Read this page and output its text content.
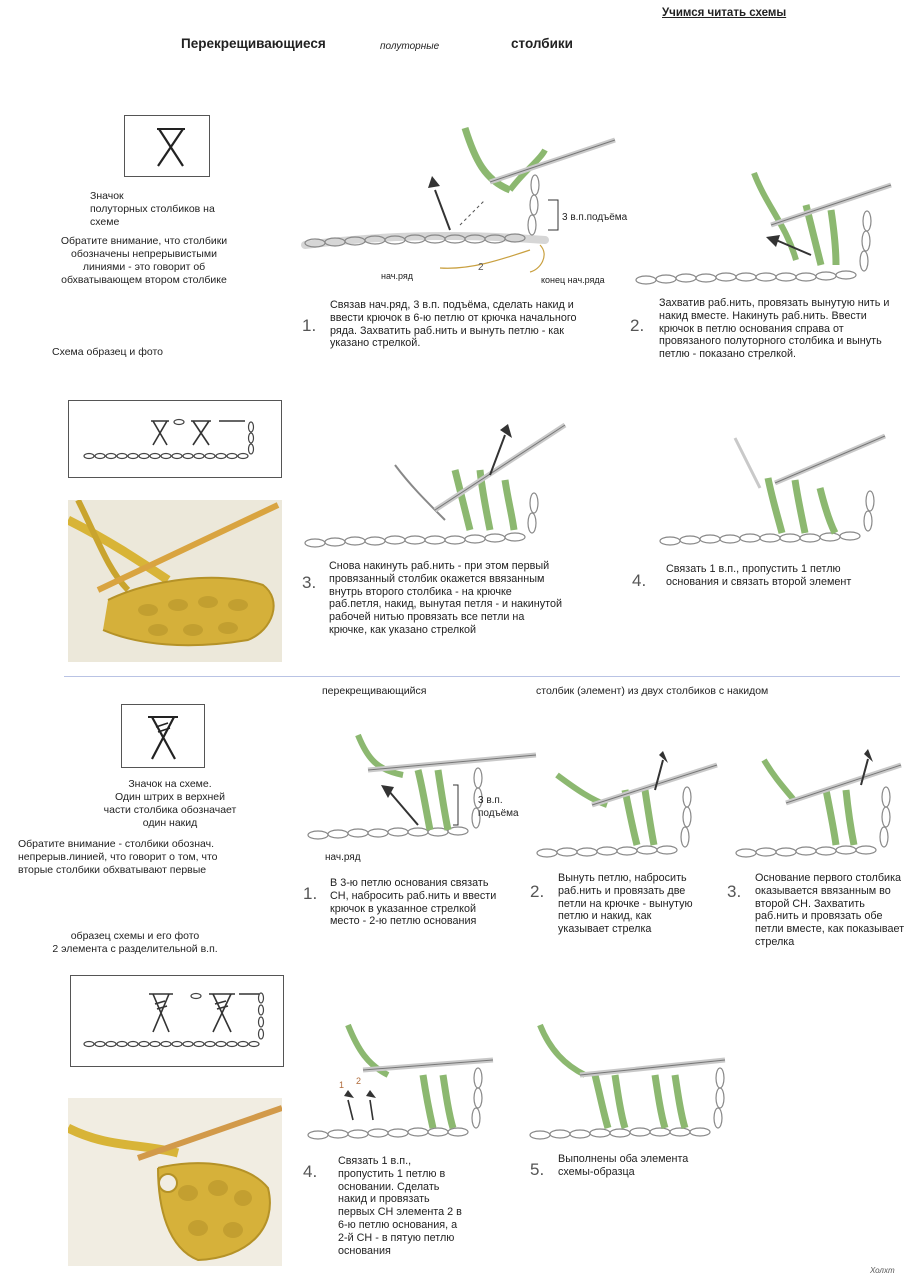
Учимся читать схемы
Перекрещивающиеся	полуторные	столбики
Значок
полуторных столбиков на
схеме
Обратите внимание, что столбики
обозначены непрерывистыми
линиями - это говорит об
обхватывающем втором столбике
Схема образец и фото
3 в.п.подъёма
нач.ряд
2
конец нач.ряда
1.
Связав нач.ряд, 3 в.п. подъёма, сделать накид и
ввести крючок в 6-ю петлю от крючка начального
ряда. Захватить раб.нить и вынуть петлю - как
указано стрелкой.
2.
Захватив раб.нить, провязать вынутую нить и
накид вместе. Накинуть раб.нить. Ввести
крючок в петлю основания справа от
провязаного полуторного столбика и вынуть
петлю - показано стрелкой.
3.
Снова накинуть раб.нить - при этом первый
провязанный столбик окажется ввязанным
внутрь второго столбика - на крючке
раб.петля, накид, вынутая петля - и накинутой
рабочей нитью провязать все петли на
крючке, как указано стрелкой
4.
Связать 1 в.п., пропустить 1 петлю
основания и связать второй элемент
перекрещивающийся	столбик (элемент) из двух столбиков с накидом
Значок на схеме.
Один штрих в верхней
части столбика обозначает
один накид
Обратите внимание - столбики обознач.
непрерыв.линией, что говорит о том, что
вторые столбики обхватывают первые
образец схемы и его фото
2 элемента с разделительной в.п.
3 в.п.
подъёма
нач.ряд
1.
В 3-ю петлю основания связать
СН, набросить раб.нить и ввести
крючок в указанное стрелкой
место - 2-ю петлю основания
2.
Вынуть петлю, набросить
раб.нить и провязать две
петли на крючке - вынутую
петлю и накид, как
указывает стрелка
3.
Основание первого столбика
оказывается ввязанным во
второй СН. Захватить
раб.нить и провязать обе
петли вместе, как показывает
стрелка
1 2
4.
Связать 1 в.п.,
пропустить 1 петлю в
основании. Сделать
накид и провязать
первых СН элемента 2 в
6-ю петлю основания, а
2-й СН - в пятую петлю
основания
5.
Выполнены оба элемента
схемы-образца
Холхт
